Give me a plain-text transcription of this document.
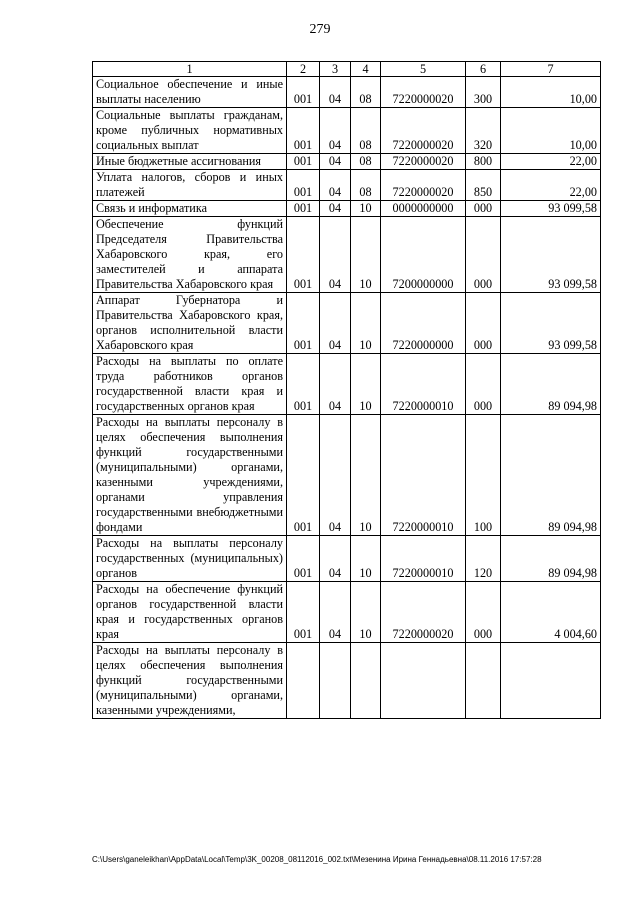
279
1	2	3	4	5	6	7
Социальное обеспечение и иные выплаты населению	001	04	08	7220000020	300	10,00
Социальные выплаты гражданам, кроме публичных нормативных социальных выплат	001	04	08	7220000020	320	10,00
Иные бюджетные ассигнования	001	04	08	7220000020	800	22,00
Уплата налогов, сборов и иных платежей	001	04	08	7220000020	850	22,00
Связь и информатика	001	04	10	0000000000	000	93 099,58
Обеспечение функций Председателя Правительства Хабаровского края, его заместителей и аппарата Правительства Хабаровского края	001	04	10	7200000000	000	93 099,58
Аппарат Губернатора и Правительства Хабаровского края, органов исполнительной власти Хабаровского края	001	04	10	7220000000	000	93 099,58
Расходы на выплаты по оплате труда работников органов государственной власти края и государственных органов края	001	04	10	7220000010	000	89 094,98
Расходы на выплаты персоналу в целях обеспечения выполнения функций государственными (муниципальными) органами, казенными учреждениями, органами управления государственными внебюджетными фондами	001	04	10	7220000010	100	89 094,98
Расходы на выплаты персоналу государственных (муниципальных) органов	001	04	10	7220000010	120	89 094,98
Расходы на обеспечение функций органов государственной власти края и государственных органов края	001	04	10	7220000020	000	4 004,60
Расходы на выплаты персоналу в целях обеспечения выполнения функций государственными (муниципальными) органами, казенными учреждениями,						
C:\Users\ganeleikhan\AppData\Local\Temp\3K_00208_08112016_002.txt\Мезенина Ирина Геннадьевна\08.11.2016 17:57:28
